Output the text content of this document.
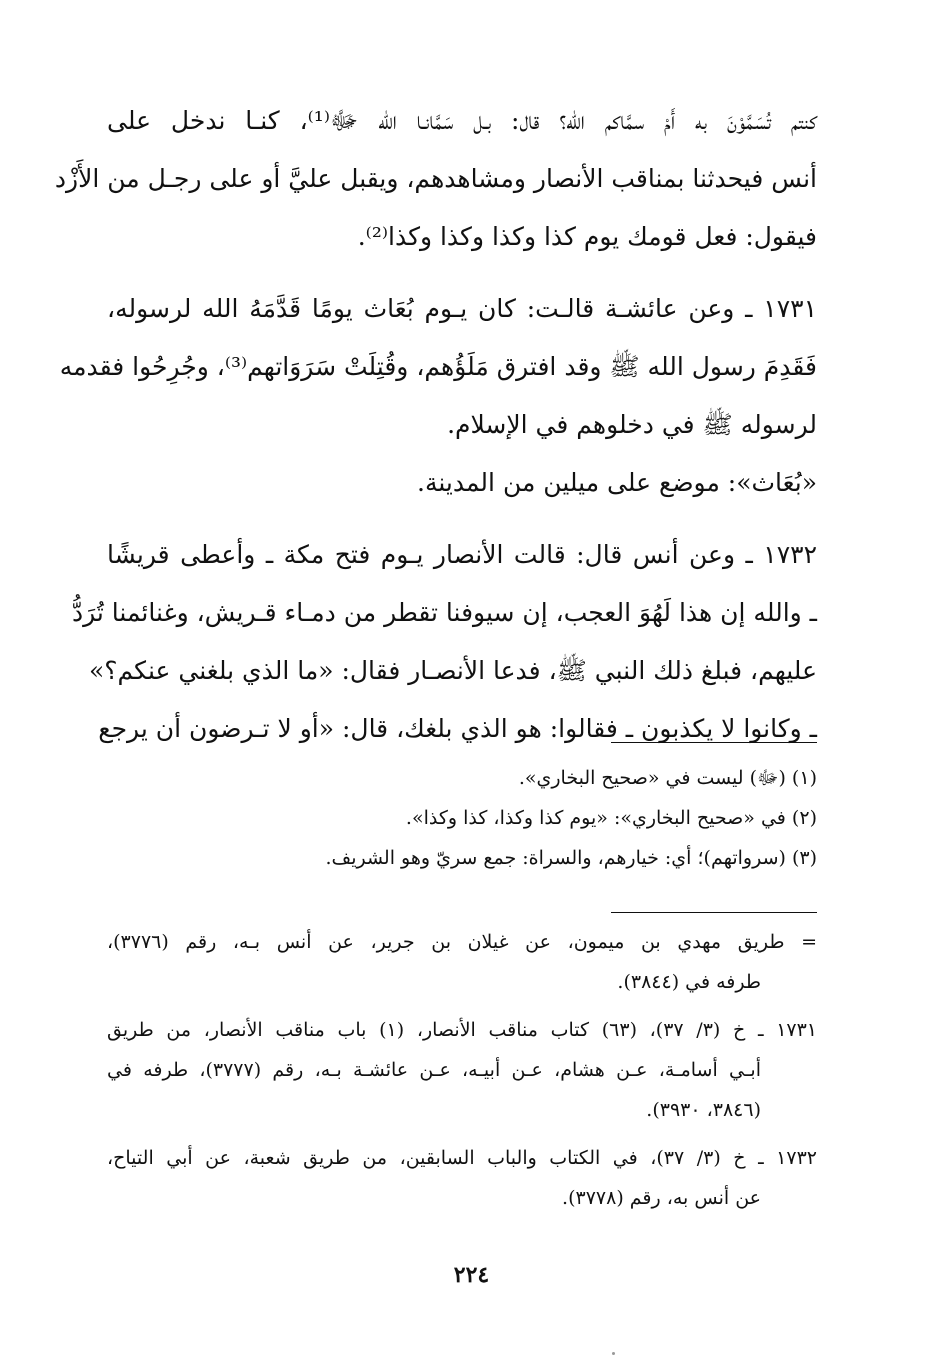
كنتم تُسَمَّوْنَ به أَمْ سمَّاكم الله؟ قال: بـل سَمَّانـا الله ﷻ⁽¹⁾، كنـا ندخل على
أنس فيحدثنا بمناقب الأنصار ومشاهدهم، ويقبل عليَّ أو على رجـل من الأَزْد
فيقول: فعل قومك يوم كذا وكذا وكذا وكذا⁽²⁾.
١٧٣١ ـ وعن عائشـة قالـت: كان يـوم بُعَاث يومًا قَدَّمَهُ الله لرسوله،
فَقَدِمَ رسول الله ﷺ وقد افترق مَلَؤُهم، وقُتِلَتْ سَرَوَاتهم⁽³⁾، وجُرِحُوا فقدمه
لرسوله ﷺ في دخلوهم في الإسلام.
«بُعَاث»: موضع على ميلين من المدينة.
١٧٣٢ ـ وعن أنس قال: قالت الأنصار يـوم فتح مكة ـ وأعطى قريشًا
ـ والله إن هذا لَهُوَ العجب، إن سيوفنا تقطر من دمـاء قـريش، وغنائمنا تُرَدُّ
عليهم، فبلغ ذلك النبي ﷺ، فدعا الأنصـار فقال: «ما الذي بلغني عنكم؟»
ـ وكانوا لا يكذبون ـ فقالوا: هو الذي بلغك، قال: «أو لا تـرضون أن يرجع
(١) (ﷻ) ليست في «صحيح البخاري».
(٢) في «صحيح البخاري»: «يوم كذا وكذا، كذا وكذا».
(٣) (سرواتهم)؛ أي: خيارهم، والسراة: جمع سريّ وهو الشريف.
= طريق مهدي بن ميمون، عن غيلان بن جرير، عن أنس بـه، رقم (٣٧٧٦)،
طرفه في (٣٨٤٤).
١٧٣١ ـ خ (٣/ ٣٧)، (٦٣) كتاب مناقب الأنصار، (١) باب مناقب الأنصار، من طريق
أبـي أسامـة، عـن هشام، عـن أبيـه، عـن عائشـة بـه، رقم (٣٧٧٧)، طرفه في
(٣٨٤٦، ٣٩٣٠).
١٧٣٢ ـ خ (٣/ ٣٧)، في الكتاب والباب السابقين، من طريق شعبة، عن أبي التياح،
عن أنس به، رقم (٣٧٧٨).
٢٢٤
